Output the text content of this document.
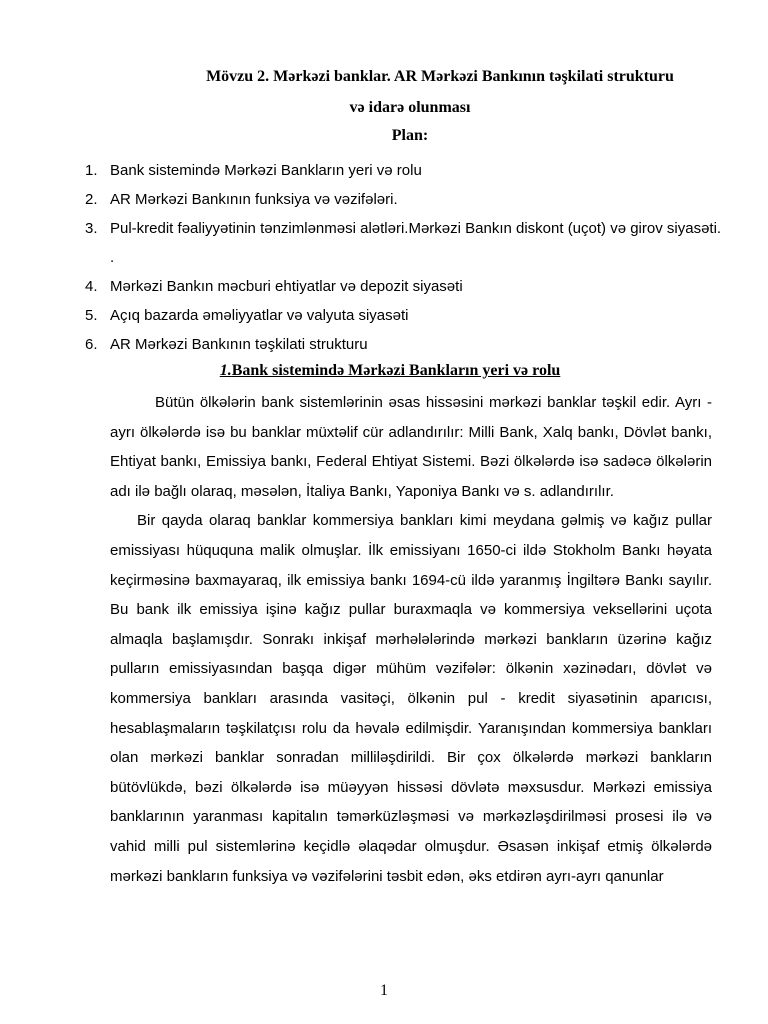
Mövzu 2. Mərkəzi banklar. AR Mərkəzi Bankının təşkilati strukturu
və idarə olunması
Plan:
1. Bank sistemində Mərkəzi Bankların yeri və rolu
2. AR Mərkəzi Bankının funksiya və vəzifələri.
3. Pul-kredit fəaliyyətinin tənzimlənməsi alətləri.Mərkəzi Bankın diskont (uçot) və girov siyasəti. .
4. Mərkəzi Bankın məcburi ehtiyatlar və depozit siyasəti
5. Açıq bazarda əməliyyatlar və valyuta siyasəti
6. AR Mərkəzi Bankının təşkilati strukturu
1.Bank sistemində Mərkəzi Bankların yeri və rolu

Bütün ölkələrin bank sistemlərinin əsas hissəsini mərkəzi banklar təşkil edir. Ayrı - ayrı ölkələrdə isə bu banklar müxtəlif cür adlandırılır: Milli Bank, Xalq bankı, Dövlət bankı, Ehtiyat bankı, Emissiya bankı, Federal Ehtiyat Sistemi. Bəzi ölkələrdə isə sadəcə ölkələrin adı ilə bağlı olaraq, məsələn, İtaliya Bankı, Yaponiya Bankı və s. adlandırılır.

Bir qayda olaraq banklar kommersiya bankları kimi meydana gəlmiş və kağız pullar emissiyası hüququna malik olmuşlar. İlk emissiyanı 1650-ci ildə Stokholm Bankı həyata keçirməsinə baxmayaraq, ilk emissiya bankı 1694-cü ildə yaranmış İngiltərə Bankı sayılır. Bu bank ilk emissiya işinə kağız pullar buraxmaqla və kommersiya veksellərini uçota almaqla başlamışdır. Sonrakı inkişaf mərhələlərində mərkəzi bankların üzərinə kağız pulların emissiyasından başqa digər mühüm vəzifələr: ölkənin xəzinədarı, dövlət və kommersiya bankları arasında vasitəçi, ölkənin pul - kredit siyasətinin aparıcısı, hesablaşmaların təşkilatçısı rolu da həvalə edilmişdir. Yaranışından kommersiya bankları olan mərkəzi banklar sonradan milliləşdirildi. Bir çox ölkələrdə mərkəzi bankların bütövlükdə, bəzi ölkələrdə isə müəyyən hissəsi dövlətə məxsusdur. Mərkəzi emissiya banklarının yaranması kapitalın təmərküzləşməsi və mərkəzləşdirilməsi prosesi ilə və vahid milli pul sistemlərinə keçidlə əlaqədar olmuşdur. Əsasən inkişaf etmiş ölkələrdə mərkəzi bankların funksiya və vəzifələrini təsbit edən, əks etdirən ayrı-ayrı qanunlar

1
